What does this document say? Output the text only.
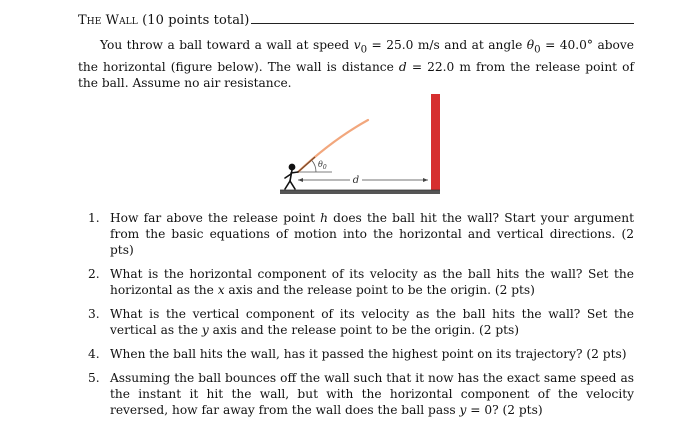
The Wall (10 points total)
You throw a ball toward a wall at speed $v_0 = 25.0$ m/s and at angle $\theta_0 = 40.0^\circ$ above the horizontal (figure below). The wall is distance d = 22.0 m from the release point of the ball. Assume no air resistance.
d
$\theta_0$
1. How far above the release point h does the ball hit the wall? Start your argument from the basic equations of motion into the horizontal and vertical directions. (2 pts)
2. What is the horizontal component of its velocity as the ball hits the wall? Set the horizontal as the x axis and the release point to be the origin. (2 pts)
3. What is the vertical component of its velocity as the ball hits the wall? Set the vertical as the y axis and the release point to be the origin. (2 pts)
4. When the ball hits the wall, has it passed the highest point on its trajectory? (2 pts)
5. Assuming the ball bounces off the wall such that it now has the exact same speed as the instant it hit the wall, but with the horizontal component of the velocity reversed, how far away from the wall does the ball pass y = 0? (2 pts)
